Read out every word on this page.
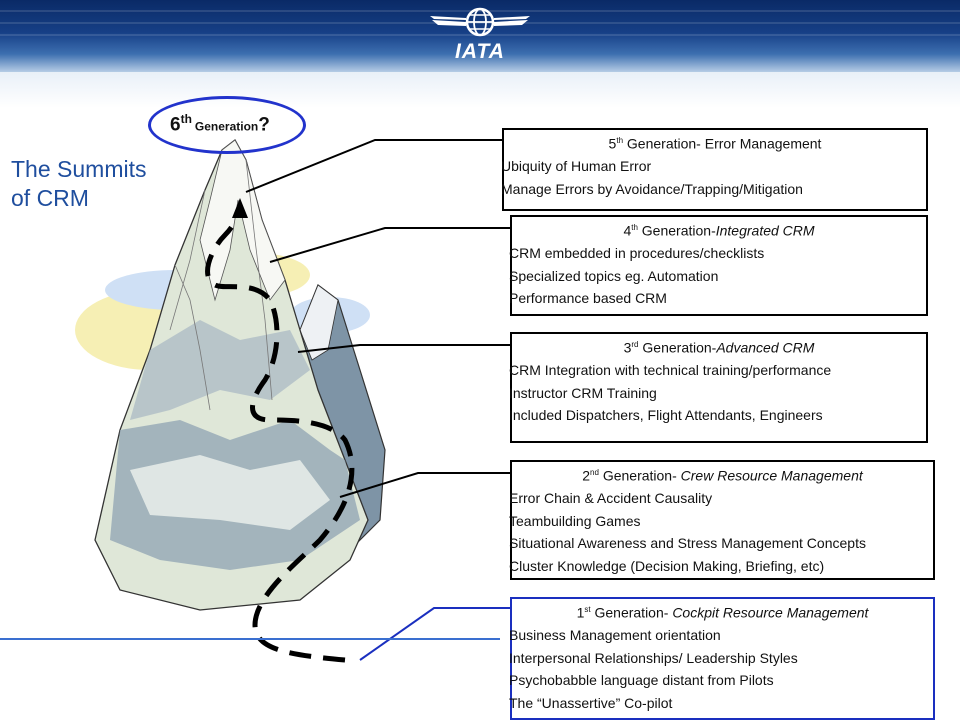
IATA
The Summits of CRM
6thGeneration?
5th Generation- Error Management
Ubiquity of Human Error
Manage Errors by Avoidance/Trapping/Mitigation
4th Generation-Integrated CRM
CRM embedded in procedures/checklists
Specialized topics eg. Automation
Performance based CRM
3rd Generation-Advanced CRM
CRM Integration with technical training/performance
Instructor CRM Training
Included Dispatchers, Flight Attendants, Engineers
2nd Generation- Crew Resource Management
Error Chain & Accident Causality
Teambuilding Games
Situational Awareness and Stress Management Concepts
Cluster Knowledge (Decision Making, Briefing, etc)
1st Generation- Cockpit Resource Management
Business Management orientation
Interpersonal Relationships/ Leadership Styles
Psychobabble language distant from Pilots
The “Unassertive” Co-pilot
